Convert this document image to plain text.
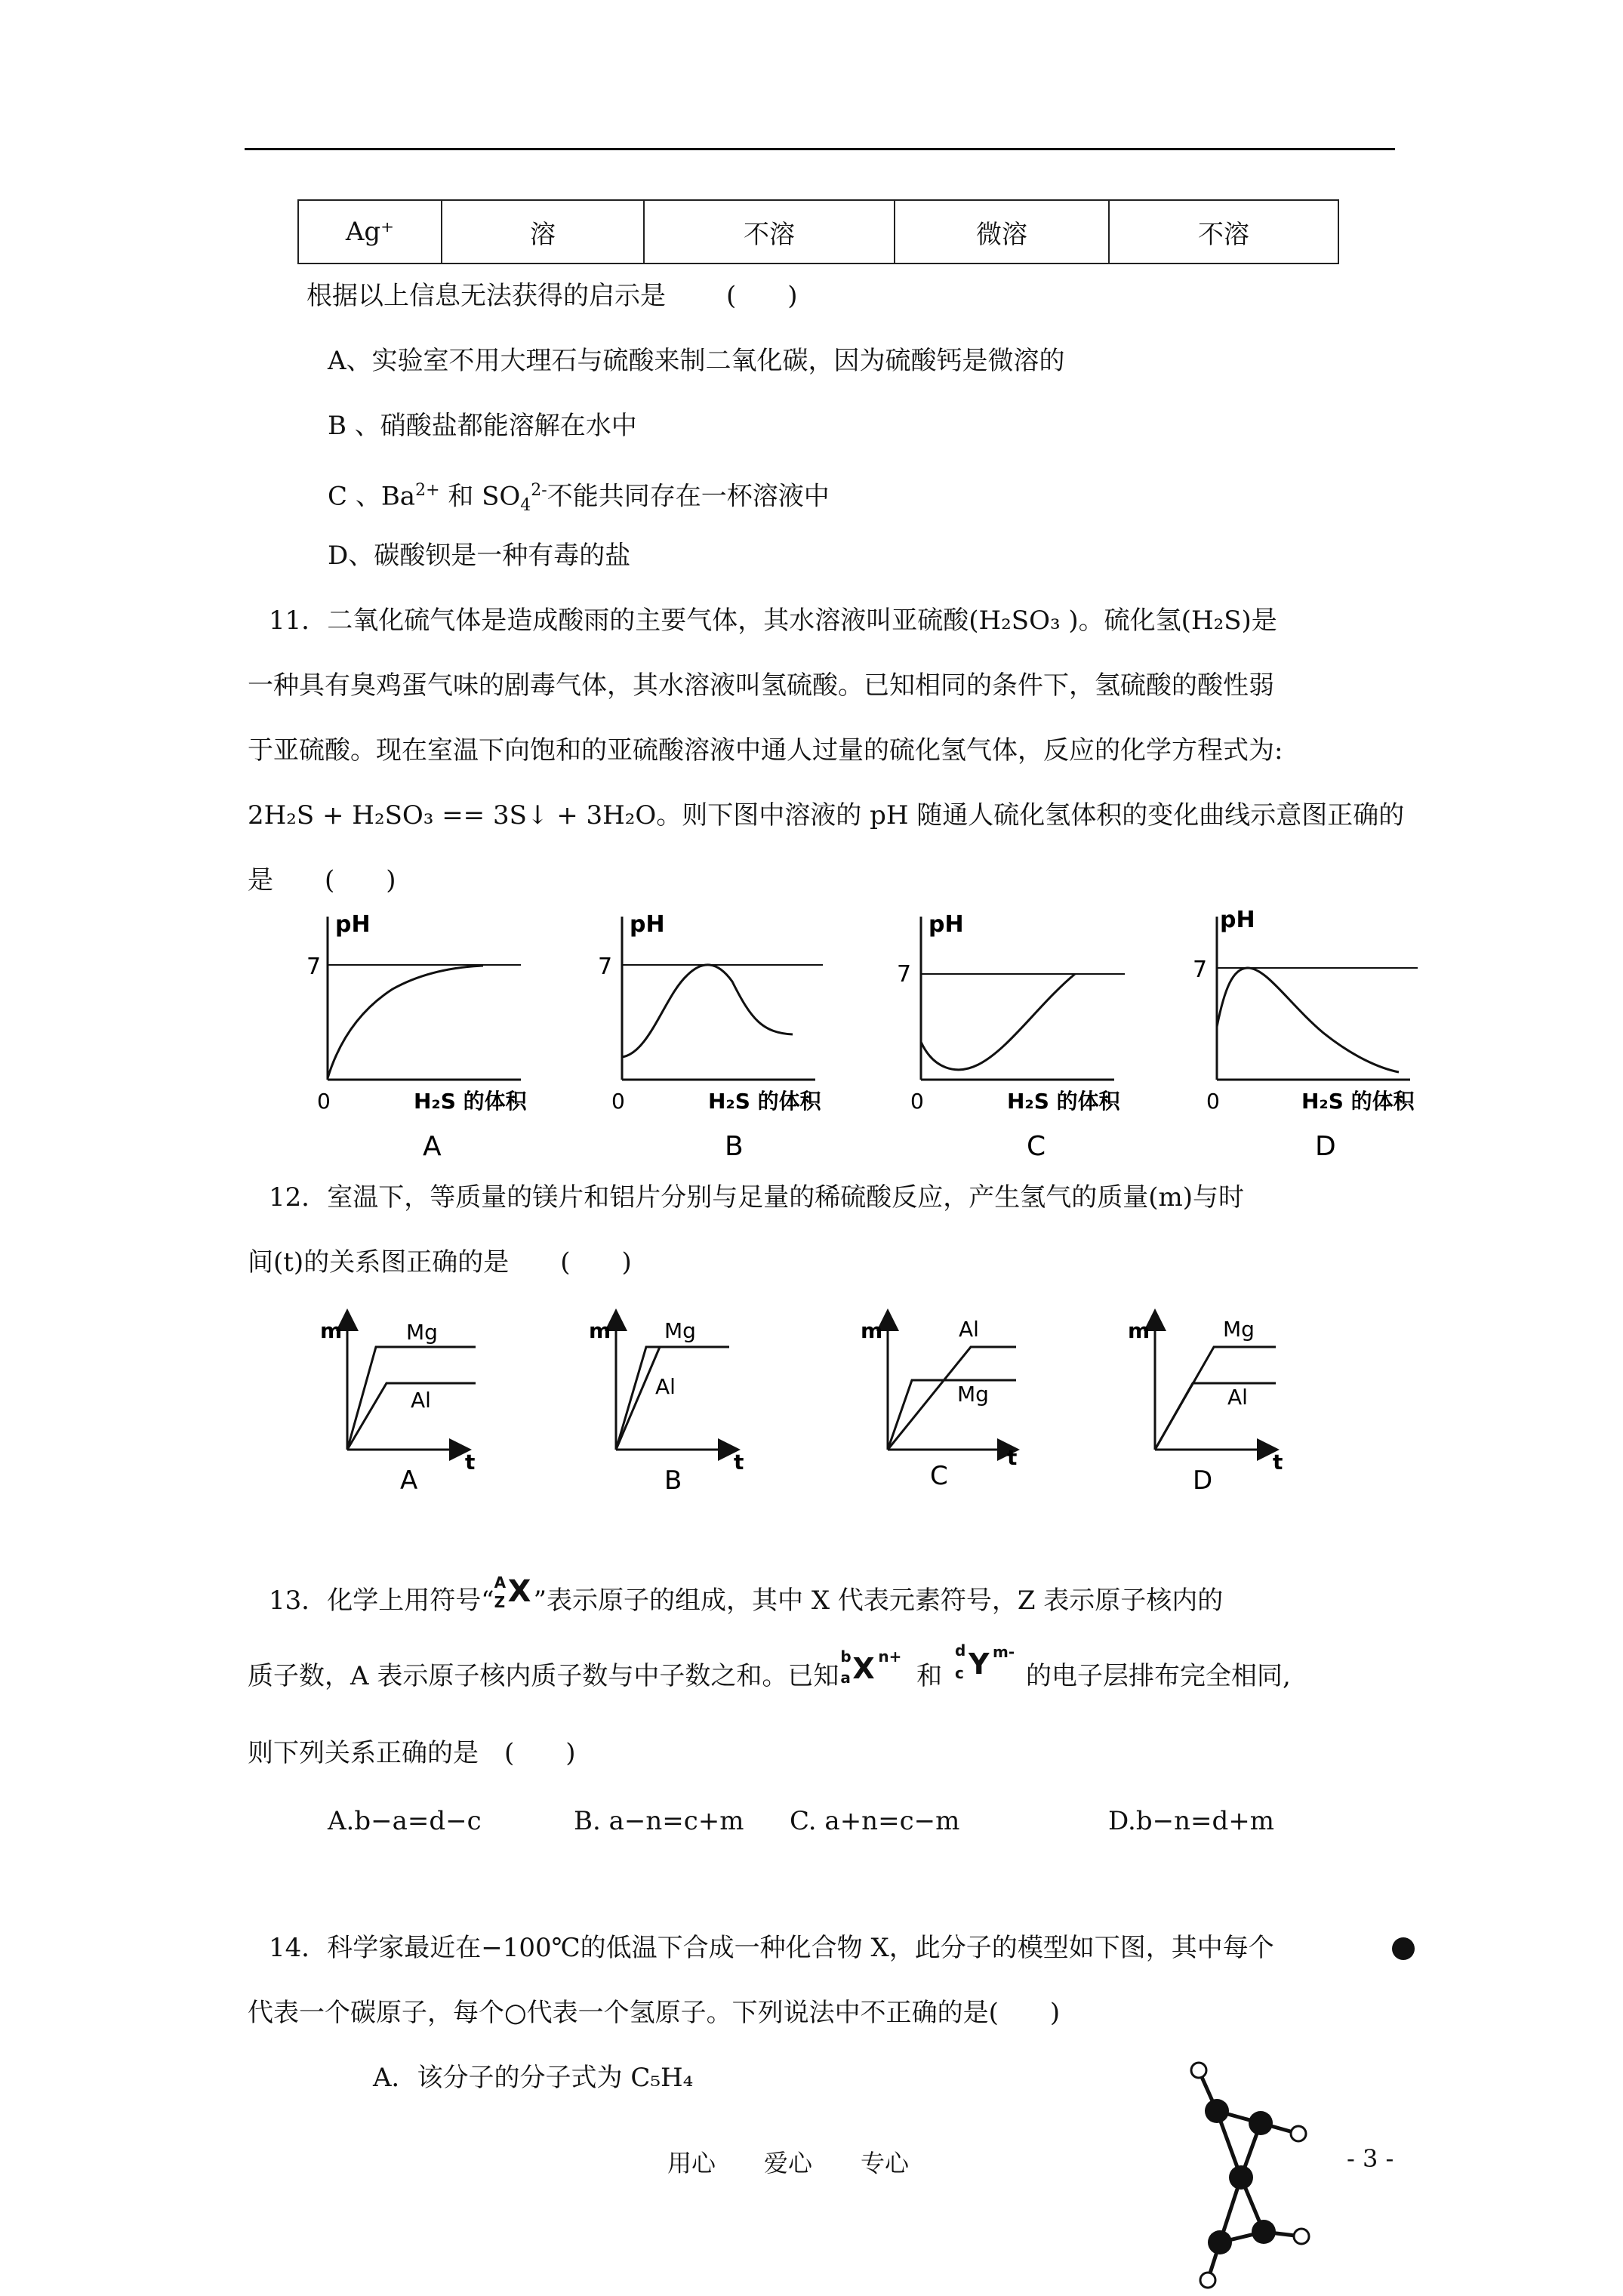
Ag⁺	溶	不溶	微溶	不溶
根据以上信息无法获得的启示是 (　　)
A、实验室不用大理石与硫酸来制二氧化碳，因为硫酸钙是微溶的
B 、硝酸盐都能溶解在水中
C 、$Ba^{2+}$ 和 $SO_4^{2-}$不能共同存在一杯溶液中
D、碳酸钡是一种有毒的盐
11．二氧化硫气体是造成酸雨的主要气体，其水溶液叫亚硫酸(H₂SO₃ )。硫化氢(H₂S)是
一种具有臭鸡蛋气味的剧毒气体，其水溶液叫氢硫酸。已知相同的条件下，氢硫酸的酸性弱
于亚硫酸。现在室温下向饱和的亚硫酸溶液中通人过量的硫化氢气体，反应的化学方程式为:
2H₂S + H₂SO₃ == 3S↓ + 3H₂O。则下图中溶液的 pH 随通人硫化氢体积的变化曲线示意图正确的
是　　(　　)
pH
7
0	H₂S 的体积
A
pH
7
0	H₂S 的体积
B
pH
7
0	H₂S 的体积
C
pH
7
0	H₂S 的体积
D
12．室温下，等质量的镁片和铝片分别与足量的稀硫酸反应，产生氢气的质量(m)与时
间(t)的关系图正确的是　　(　　)
m
t
Mg
Al
A
m
t
Mg
Al
B
m
t
Al
Mg
C
m
t
Mg
Al
D
13．化学上用符号“
A
Z X ”表示原子的组成，其中 X 代表元素符号，Z 表示原子核内的
质子数，A 表示原子核内质子数与中子数之和。已知
b
a X n+
和
d
c Y m-
的电子层排布完全相同,
则下列关系正确的是　(　　)
A.b−a=d−c	B. a−n=c+m C. a+n=c−m	D.b−n=d+m
14．科学家最近在−100℃的低温下合成一种化合物 X，此分子的模型如下图，其中每个
代表一个碳原子，每个○代表一个氢原子。下列说法中不正确的是(　　)
A．该分子的分子式为 C₅H₄
用心　　爱心　　专心	- 3 -
